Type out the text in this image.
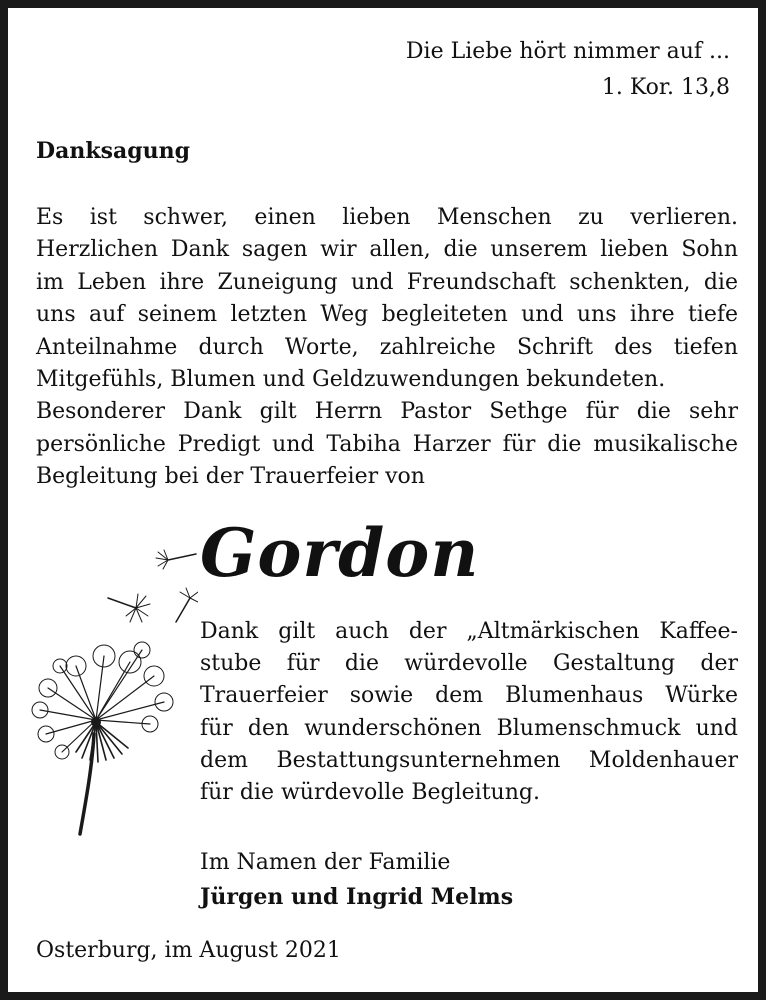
Die Liebe hört nimmer auf ...
1. Kor. 13,8
Danksagung
Es ist schwer, einen lieben Menschen zu verlieren.
Herzlichen Dank sagen wir allen, die unserem lieben Sohn
im Leben ihre Zuneigung und Freundschaft schenkten, die
uns auf seinem letzten Weg begleiteten und uns ihre tiefe
Anteilnahme durch Worte, zahlreiche Schrift des tiefen
Mitgefühls, Blumen und Geldzuwendungen bekundeten.
Besonderer Dank gilt Herrn Pastor Sethge für die sehr
persönliche Predigt und Tabiha Harzer für die musikalische
Begleitung bei der Trauerfeier von
Gordon
Dank gilt auch der „Altmärkischen Kaffee-
stube für die würdevolle Gestaltung der
Trauerfeier sowie dem Blumenhaus Würke
für den wunderschönen Blumenschmuck und
dem Bestattungsunternehmen Moldenhauer
für die würdevolle Begleitung.
Im Namen der Familie
Jürgen und Ingrid Melms
Osterburg, im August 2021
